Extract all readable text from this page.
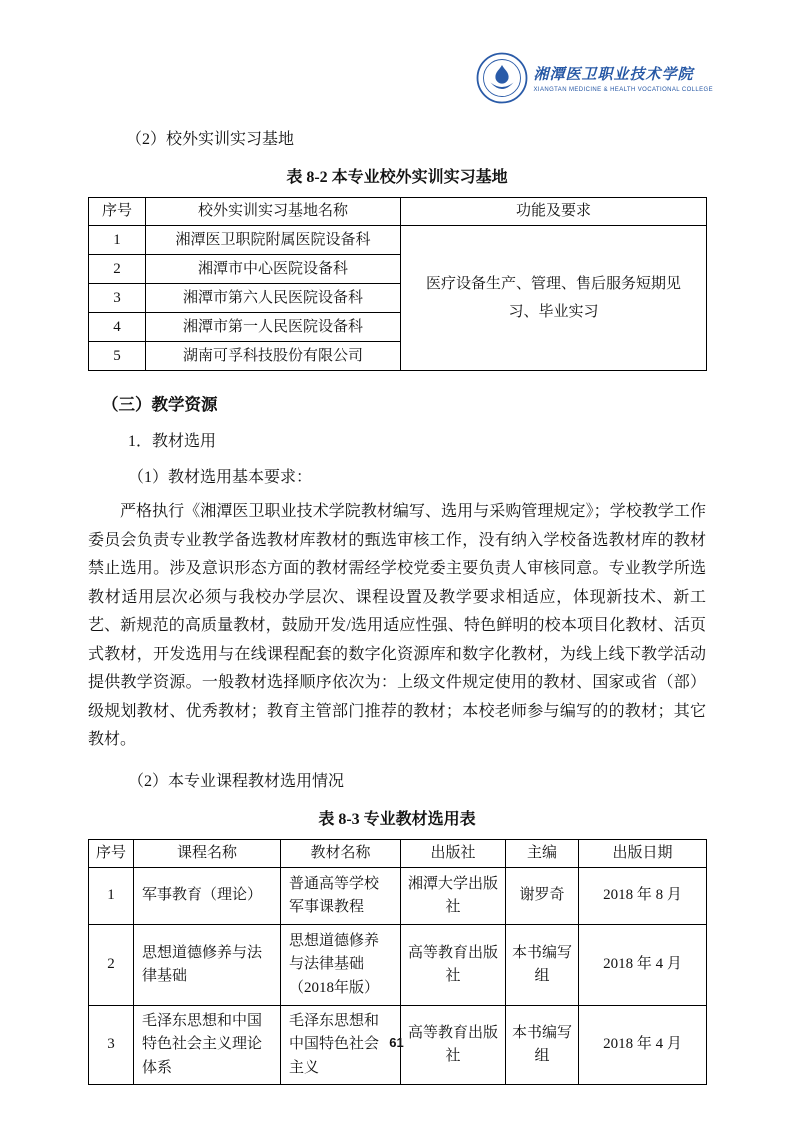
湘潭医卫职业技术学院
XIANGTAN MEDICINE & HEALTH VOCATIONAL COLLEGE

（2）校外实训实习基地

表 8-2 本专业校外实训实习基地

序号	校外实训实习基地名称	功能及要求
1	湘潭医卫职院附属医院设备科	医疗设备生产、管理、售后服务短期见习、毕业实习
2	湘潭市中心医院设备科	
3	湘潭市第六人民医院设备科	
4	湘潭市第一人民医院设备科	
5	湖南可孚科技股份有限公司	

（三）教学资源

1．教材选用

（1）教材选用基本要求：

严格执行《湘潭医卫职业技术学院教材编写、选用与采购管理规定》；学校教学工作委员会负责专业教学备选教材库教材的甄选审核工作，没有纳入学校备选教材库的教材禁止选用。涉及意识形态方面的教材需经学校党委主要负责人审核同意。专业教学所选教材适用层次必须与我校办学层次、课程设置及教学要求相适应，体现新技术、新工艺、新规范的高质量教材，鼓励开发/选用适应性强、特色鲜明的校本项目化教材、活页式教材，开发选用与在线课程配套的数字化资源库和数字化教材，为线上线下教学活动提供教学资源。一般教材选择顺序依次为：上级文件规定使用的教材、国家或省（部）级规划教材、优秀教材；教育主管部门推荐的教材；本校老师参与编写的的教材；其它教材。

（2）本专业课程教材选用情况

表 8-3 专业教材选用表

序号	课程名称	教材名称	出版社	主编	出版日期
1	军事教育（理论）	普通高等学校军事课教程	湘潭大学出版社	谢罗奇	2018 年 8 月
2	思想道德修养与法律基础	思想道德修养与法律基础（2018年版）	高等教育出版社	本书编写组	2018 年 4 月
3	毛泽东思想和中国特色社会主义理论体系	毛泽东思想和中国特色社会主义	高等教育出版社	本书编写组	2018 年 4 月
61
